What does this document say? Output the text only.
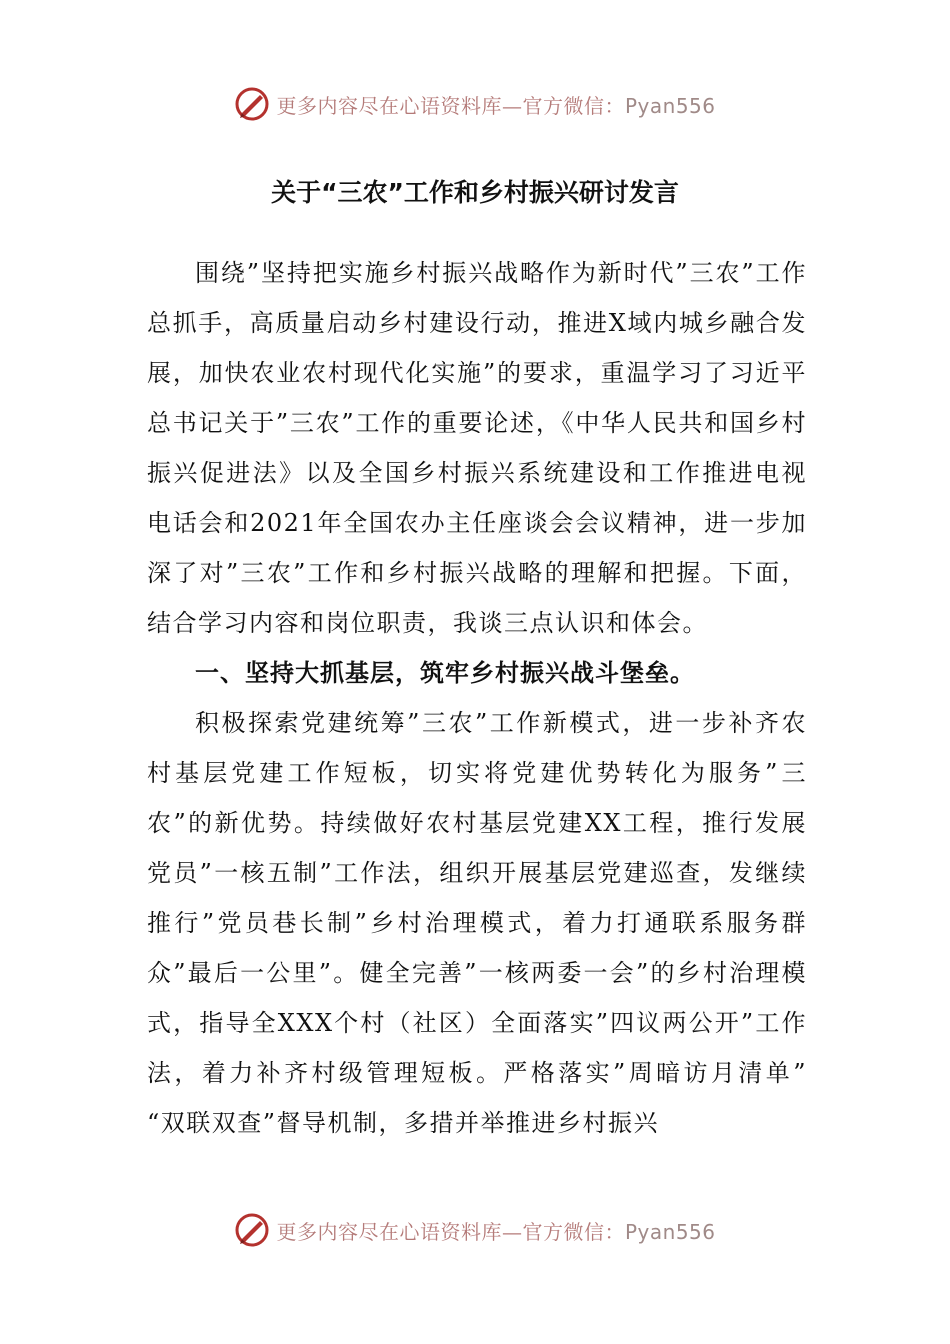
更多内容尽在心语资料库—官方微信：Pyan556
关于“三农”工作和乡村振兴研讨发言

围绕”坚持把实施乡村振兴战略作为新时代”三农”工作总抓手，高质量启动乡村建设行动，推进X域内城乡融合发展，加快农业农村现代化实施”的要求，重温学习了习近平总书记关于”三农”工作的重要论述，《中华人民共和国乡村振兴促进法》以及全国乡村振兴系统建设和工作推进电视电话会和2021年全国农办主任座谈会会议精神，进一步加深了对”三农”工作和乡村振兴战略的理解和把握。下面，结合学习内容和岗位职责，我谈三点认识和体会。

一、坚持大抓基层，筑牢乡村振兴战斗堡垒。

积极探索党建统筹”三农”工作新模式，进一步补齐农村基层党建工作短板，切实将党建优势转化为服务”三农”的新优势。持续做好农村基层党建XX工程，推行发展党员”一核五制”工作法，组织开展基层党建巡查，发继续推行”党员巷长制”乡村治理模式，着力打通联系服务群众”最后一公里”。健全完善”一核两委一会”的乡村治理模式，指导全XXX个村（社区）全面落实”四议两公开”工作法，着力补齐村级管理短板。严格落实”周暗访月清单” “双联双查”督导机制，多措并举推进乡村振兴

更多内容尽在心语资料库—官方微信：Pyan556
